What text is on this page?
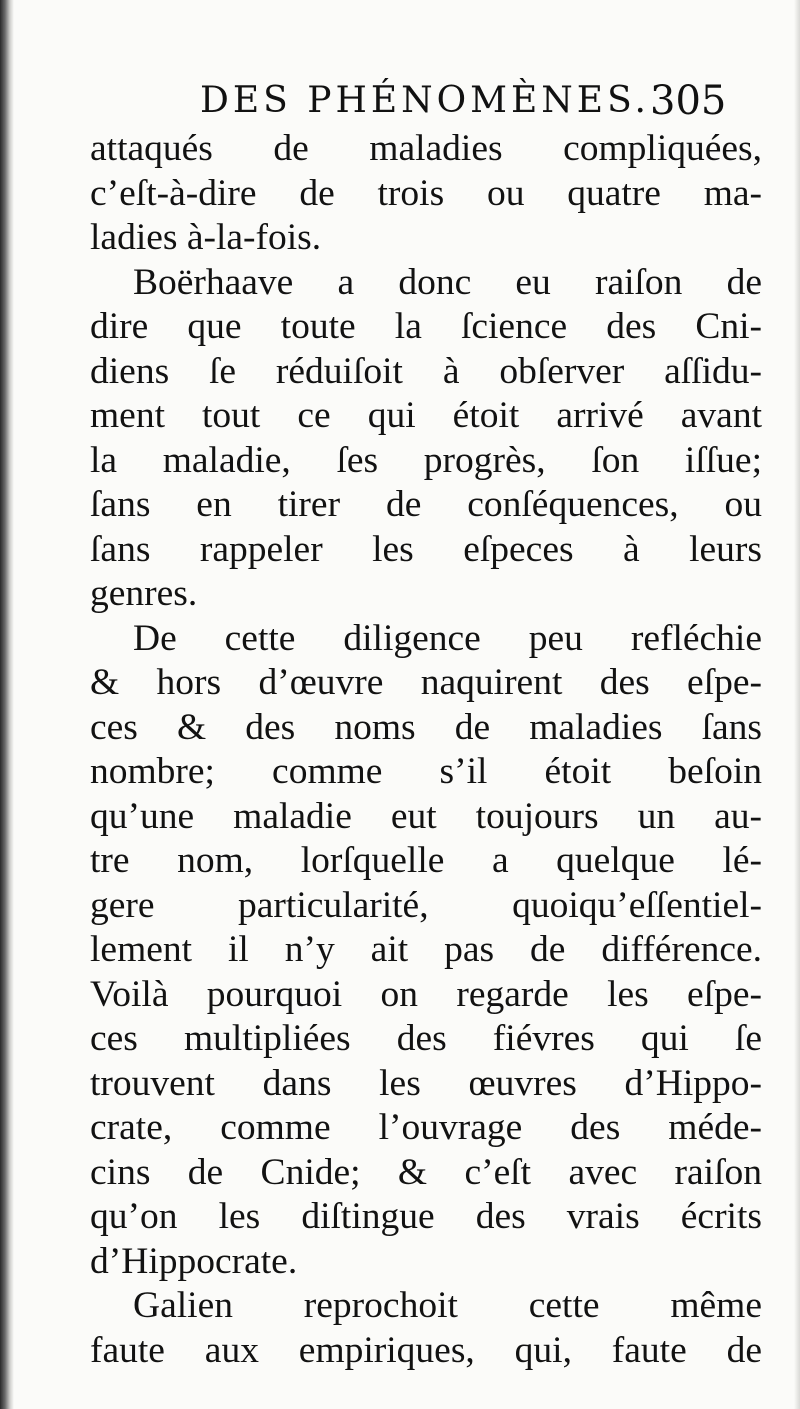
DES PHÉNOMÈNES. 305
attaqués de maladies compliquées,
c’eſt-à-dire de trois ou quatre ma-
ladies à-la-fois.
Boërhaave a donc eu raiſon de
dire que toute la ſcience des Cni-
diens ſe réduiſoit à obſerver aſſidu-
ment tout ce qui étoit arrivé avant
la maladie, ſes progrès, ſon iſſue;
ſans en tirer de conſéquences, ou
ſans rappeler les eſpeces à leurs
genres.
De cette diligence peu refléchie
& hors d’œuvre naquirent des eſpe-
ces & des noms de maladies ſans
nombre; comme s’il étoit beſoin
qu’une maladie eut toujours un au-
tre nom, lorſquelle a quelque lé-
gere particularité, quoiqu’eſſentiel-
lement il n’y ait pas de différence.
Voilà pourquoi on regarde les eſpe-
ces multipliées des fiévres qui ſe
trouvent dans les œuvres d’Hippo-
crate, comme l’ouvrage des méde-
cins de Cnide; & c’eſt avec raiſon
qu’on les diſtingue des vrais écrits
d’Hippocrate.
Galien reprochoit cette même
faute aux empiriques, qui, faute de
